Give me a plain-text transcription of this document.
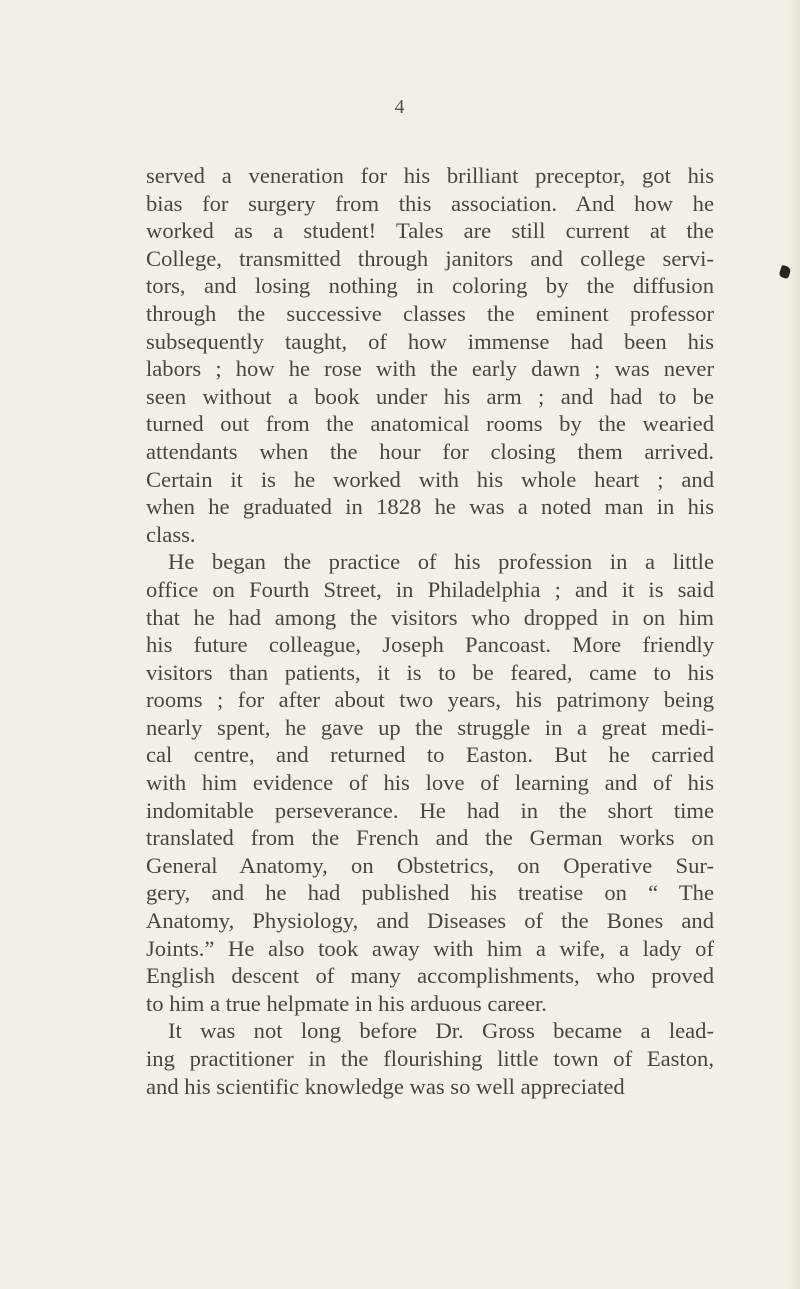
4
served a veneration for his brilliant preceptor, got his
bias for surgery from this association. And how he
worked as a student! Tales are still current at the
College, transmitted through janitors and college servi-
tors, and losing nothing in coloring by the diffusion
through the successive classes the eminent professor
subsequently taught, of how immense had been his
labors ; how he rose with the early dawn ; was never
seen without a book under his arm ; and had to be
turned out from the anatomical rooms by the wearied
attendants when the hour for closing them arrived.
Certain it is he worked with his whole heart ; and
when he graduated in 1828 he was a noted man in his
class.
He began the practice of his profession in a little
office on Fourth Street, in Philadelphia ; and it is said
that he had among the visitors who dropped in on him
his future colleague, Joseph Pancoast. More friendly
visitors than patients, it is to be feared, came to his
rooms ; for after about two years, his patrimony being
nearly spent, he gave up the struggle in a great medi-
cal centre, and returned to Easton. But he carried
with him evidence of his love of learning and of his
indomitable perseverance. He had in the short time
translated from the French and the German works on
General Anatomy, on Obstetrics, on Operative Sur-
gery, and he had published his treatise on “ The
Anatomy, Physiology, and Diseases of the Bones and
Joints.” He also took away with him a wife, a lady of
English descent of many accomplishments, who proved
to him a true helpmate in his arduous career.
It was not long before Dr. Gross became a lead-
ing practitioner in the flourishing little town of Easton,
and his scientific knowledge was so well appreciated
